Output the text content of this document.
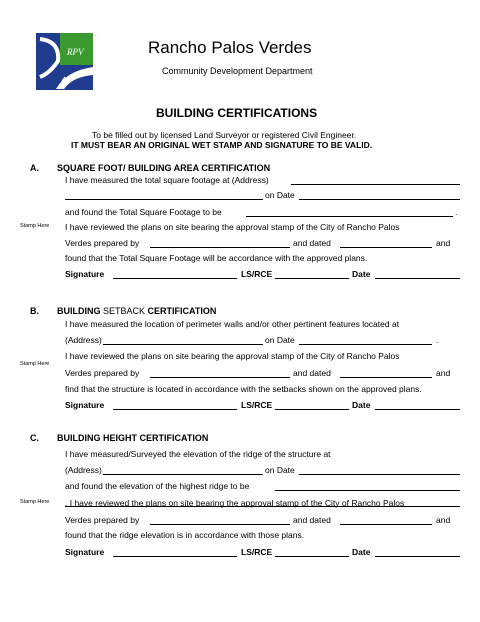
RPV	Rancho Palos Verdes
Community Development Department
BUILDING CERTIFICATIONS
To be filled out by licensed Land Surveyor or registered Civil Engineer.
IT MUST BEAR AN ORIGINAL WET STAMP AND SIGNATURE TO BE VALID.
A. SQUARE FOOT/ BUILDING AREA CERTIFICATION
Stamp Here
I have measured the total square footage at (Address)
on Date
and found the Total Square Footage to be	.
I have reviewed the plans on site bearing the approval stamp of the City of Rancho Palos
Verdes prepared by	and dated	and
found that the Total Square Footage will be accordance with the approved plans.
Signature	LS/RCE	Date
B. BUILDING SETBACK CERTIFICATION
Stamp Here
I have measured the location of perimeter walls and/or other pertinent features located at
(Address)	on Date	.
I have reviewed the plans on site bearing the approval stamp of the City of Rancho Palos
Verdes prepared by	and dated	and
find that the structure is located in accordance with the setbacks shown on the approved plans.
Signature	LS/RCE	Date
C. BUILDING HEIGHT CERTIFICATION
Stamp Here
I have measured/Surveyed the elevation of the ridge of the structure at
(Address)	on Date
and found the elevation of the highest ridge to be
. I have reviewed the plans on site bearing the approval stamp of the City of Rancho Palos
Verdes prepared by	and dated	and
found that the ridge elevation is in accordance with those plans.
Signature	LS/RCE	Date
